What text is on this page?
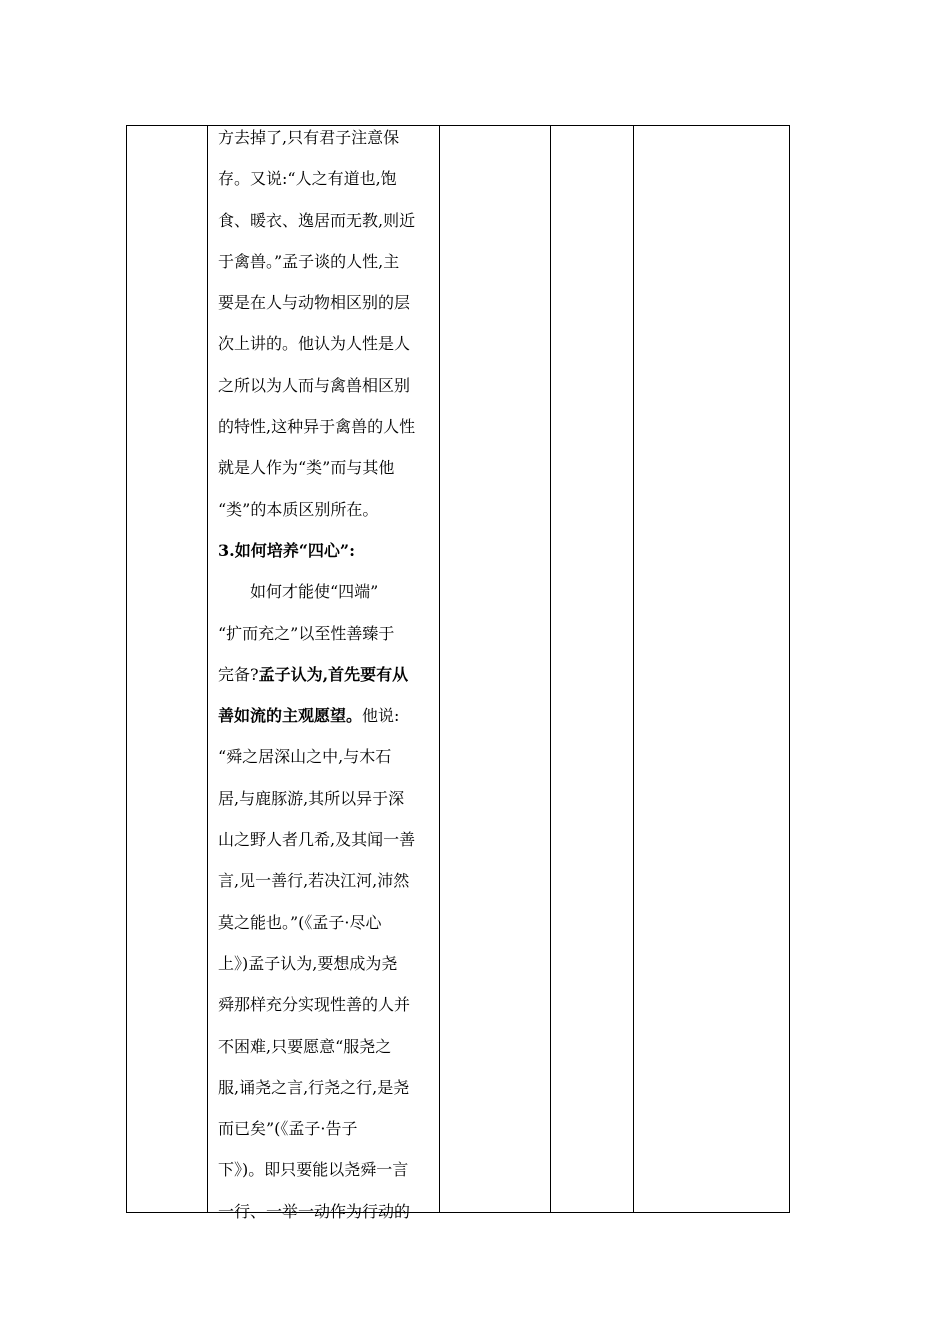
方去掉了,只有君子注意保
存。又说:“人之有道也,饱
食、暖衣、逸居而无教,则近
于禽兽。”孟子谈的人性,主
要是在人与动物相区别的层
次上讲的。他认为人性是人
之所以为人而与禽兽相区别
的特性,这种异于禽兽的人性
就是人作为“类”而与其他
“类”的本质区别所在。
3.如何培养“四心”:
如何才能使“四端”
“扩而充之”以至性善臻于
完备?孟子认为,首先要有从
善如流的主观愿望。他说:
“舜之居深山之中,与木石
居,与鹿豚游,其所以异于深
山之野人者几希,及其闻一善
言,见一善行,若决江河,沛然
莫之能也。”(《孟子·尽心
上》)孟子认为,要想成为尧
舜那样充分实现性善的人并
不困难,只要愿意“服尧之
服,诵尧之言,行尧之行,是尧
而已矣”(《孟子·告子
下》)。即只要能以尧舜一言
一行、一举一动作为行动的
